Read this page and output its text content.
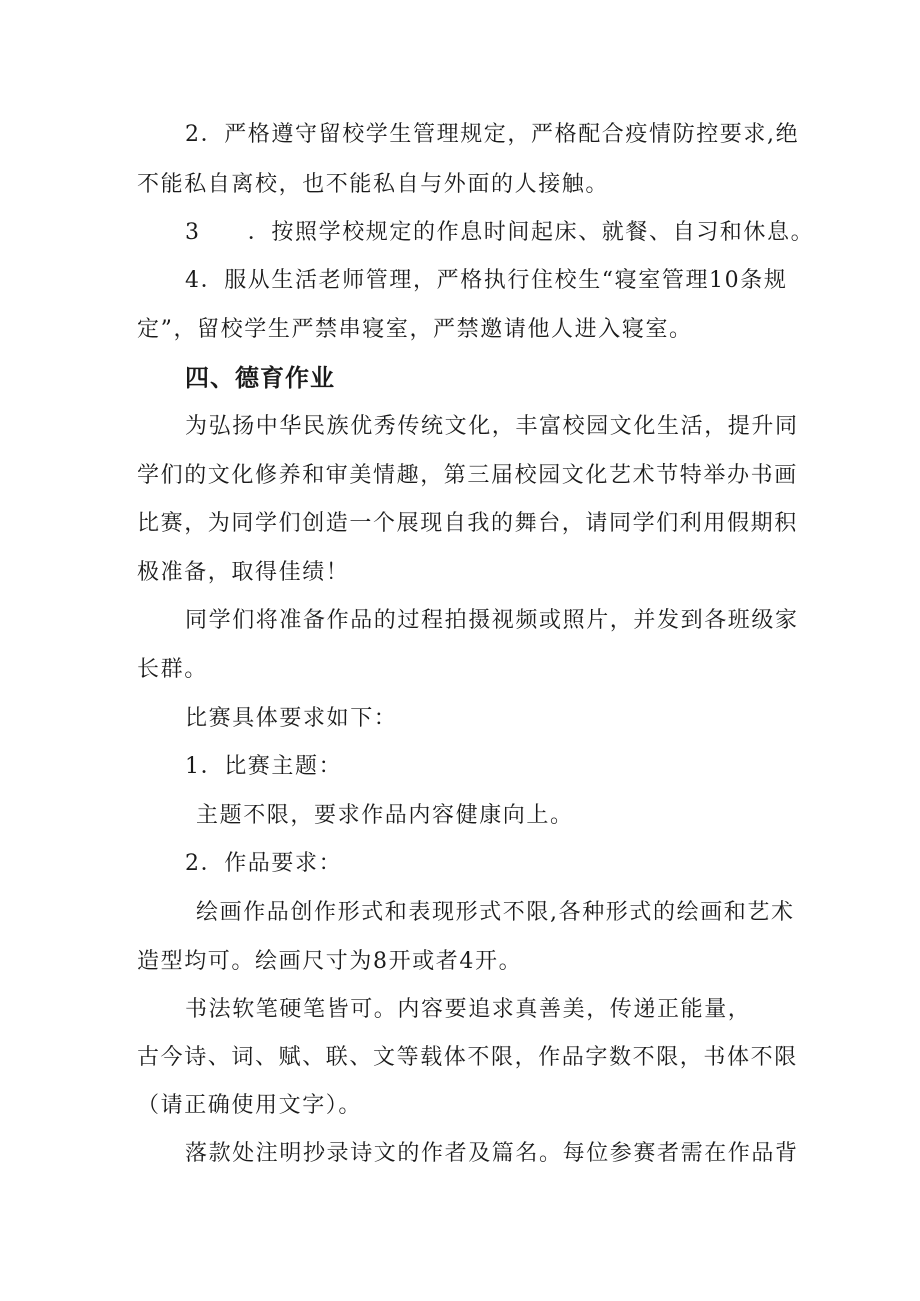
2．严格遵守留校学生管理规定，严格配合疫情防控要求,绝
不能私自离校，也不能私自与外面的人接触。
3　　．按照学校规定的作息时间起床、就餐、自习和休息。
4．服从生活老师管理，严格执行住校生“寝室管理10条规
定”，留校学生严禁串寝室，严禁邀请他人进入寝室。
四、德育作业
为弘扬中华民族优秀传统文化，丰富校园文化生活，提升同
学们的文化修养和审美情趣，第三届校园文化艺术节特举办书画
比赛，为同学们创造一个展现自我的舞台，请同学们利用假期积
极准备，取得佳绩！
同学们将准备作品的过程拍摄视频或照片，并发到各班级家
长群。
比赛具体要求如下：
1．比赛主题：
主题不限，要求作品内容健康向上。
2．作品要求：
绘画作品创作形式和表现形式不限,各种形式的绘画和艺术
造型均可。绘画尺寸为8开或者4开。
书法软笔硬笔皆可。内容要追求真善美，传递正能量，
古今诗、词、赋、联、文等载体不限，作品字数不限，书体不限
（请正确使用文字）。
落款处注明抄录诗文的作者及篇名。每位参赛者需在作品背
